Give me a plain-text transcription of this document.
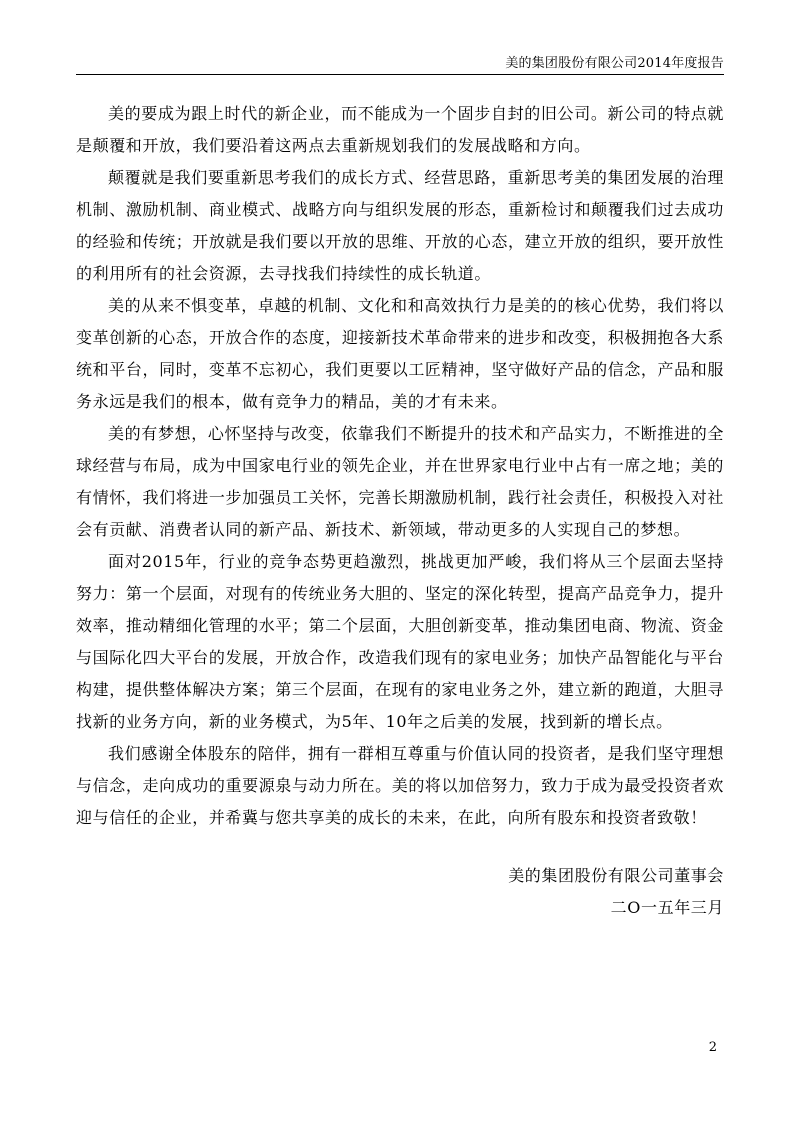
美的集团股份有限公司2014年度报告

美的要成为跟上时代的新企业，而不能成为一个固步自封的旧公司。新公司的特点就是颠覆和开放，我们要沿着这两点去重新规划我们的发展战略和方向。

颠覆就是我们要重新思考我们的成长方式、经营思路，重新思考美的集团发展的治理机制、激励机制、商业模式、战略方向与组织发展的形态，重新检讨和颠覆我们过去成功的经验和传统；开放就是我们要以开放的思维、开放的心态，建立开放的组织，要开放性的利用所有的社会资源，去寻找我们持续性的成长轨道。

美的从来不惧变革，卓越的机制、文化和和高效执行力是美的的核心优势，我们将以变革创新的心态，开放合作的态度，迎接新技术革命带来的进步和改变，积极拥抱各大系统和平台，同时，变革不忘初心，我们更要以工匠精神，坚守做好产品的信念，产品和服务永远是我们的根本，做有竞争力的精品，美的才有未来。

美的有梦想，心怀坚持与改变，依靠我们不断提升的技术和产品实力，不断推进的全球经营与布局，成为中国家电行业的领先企业，并在世界家电行业中占有一席之地；美的有情怀，我们将进一步加强员工关怀，完善长期激励机制，践行社会责任，积极投入对社会有贡献、消费者认同的新产品、新技术、新领域，带动更多的人实现自己的梦想。

面对2015年，行业的竞争态势更趋激烈，挑战更加严峻，我们将从三个层面去坚持努力：第一个层面，对现有的传统业务大胆的、坚定的深化转型，提高产品竞争力，提升效率，推动精细化管理的水平；第二个层面，大胆创新变革，推动集团电商、物流、资金与国际化四大平台的发展，开放合作，改造我们现有的家电业务；加快产品智能化与平台构建，提供整体解决方案；第三个层面，在现有的家电业务之外，建立新的跑道，大胆寻找新的业务方向，新的业务模式，为5年、10年之后美的发展，找到新的增长点。

我们感谢全体股东的陪伴，拥有一群相互尊重与价值认同的投资者，是我们坚守理想与信念，走向成功的重要源泉与动力所在。美的将以加倍努力，致力于成为最受投资者欢迎与信任的企业，并希冀与您共享美的成长的未来，在此，向所有股东和投资者致敬！

美的集团股份有限公司董事会
二O一五年三月
2
